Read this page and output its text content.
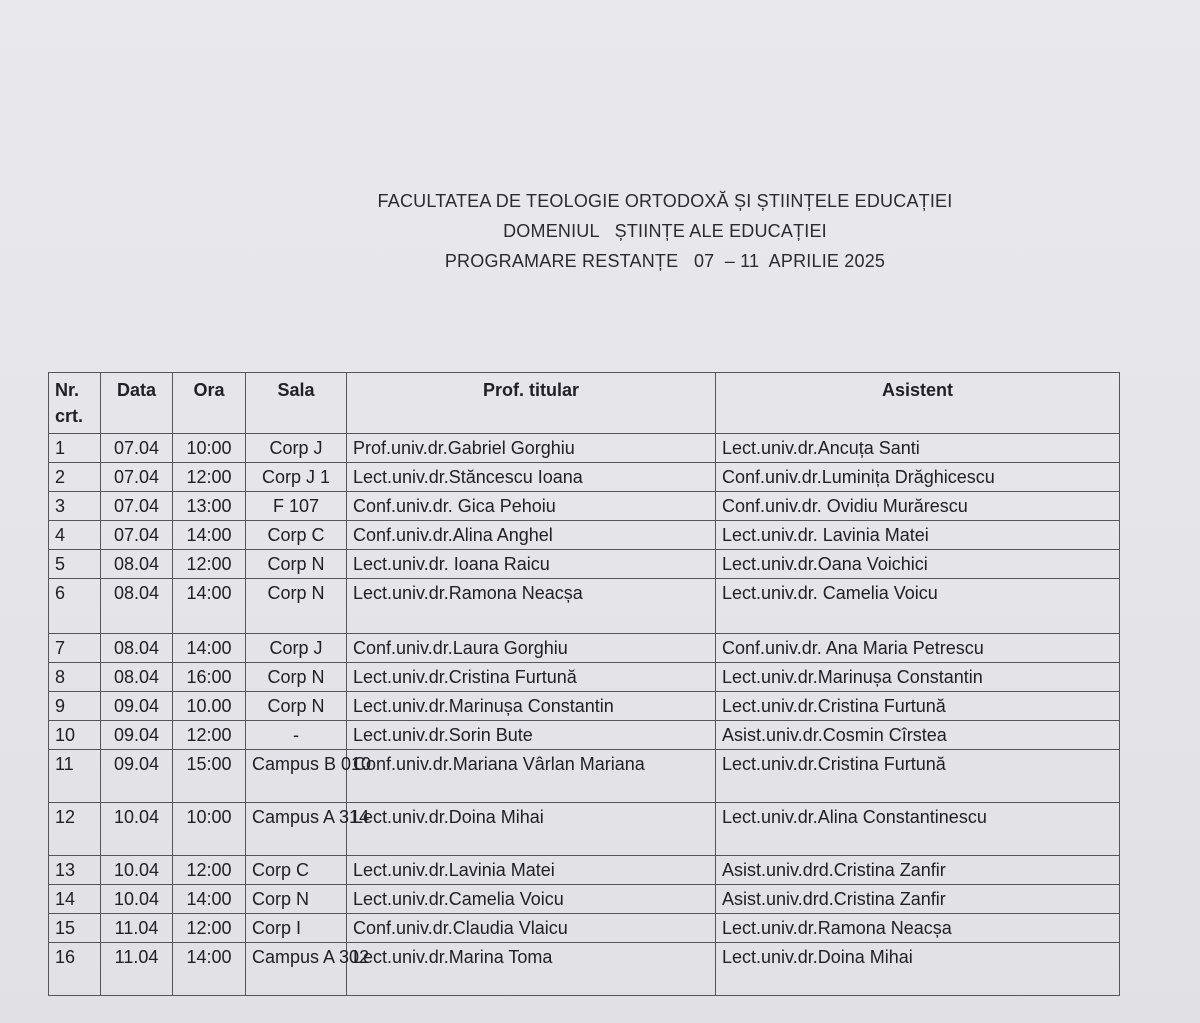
FACULTATEA DE TEOLOGIE ORTODOXĂ ȘI ȘTIINȚELE EDUCAȚIEI
DOMENIUL   ȘTIINȚE ALE EDUCAȚIEI
PROGRAMARE RESTANȚE   07  – 11  APRILIE 2025
Nr. crt.	Data	Ora	Sala	Prof. titular	Asistent
1	07.04	10:00	Corp J	Prof.univ.dr.Gabriel Gorghiu	Lect.univ.dr.Ancuța Santi
2	07.04	12:00	Corp J 1	Lect.univ.dr.Stăncescu Ioana	Conf.univ.dr.Luminița Drăghicescu
3	07.04	13:00	F 107	Conf.univ.dr. Gica Pehoiu	Conf.univ.dr. Ovidiu Murărescu
4	07.04	14:00	Corp C	Conf.univ.dr.Alina Anghel	Lect.univ.dr. Lavinia Matei
5	08.04	12:00	Corp N	Lect.univ.dr. Ioana Raicu	Lect.univ.dr.Oana Voichici
6	08.04	14:00	Corp N	Lect.univ.dr.Ramona Neacșa	Lect.univ.dr. Camelia Voicu
7	08.04	14:00	Corp J	Conf.univ.dr.Laura Gorghiu	Conf.univ.dr. Ana Maria Petrescu
8	08.04	16:00	Corp N	Lect.univ.dr.Cristina Furtună	Lect.univ.dr.Marinușa Constantin
9	09.04	10.00	Corp N	Lect.univ.dr.Marinușa Constantin	Lect.univ.dr.Cristina Furtună
10	09.04	12:00	-	Lect.univ.dr.Sorin Bute	Asist.univ.dr.Cosmin Cîrstea
11	09.04	15:00	Campus B 010	Conf.univ.dr.Mariana Vârlan Mariana	Lect.univ.dr.Cristina Furtună
12	10.04	10:00	Campus A 314	Lect.univ.dr.Doina Mihai	Lect.univ.dr.Alina Constantinescu
13	10.04	12:00	Corp C	Lect.univ.dr.Lavinia Matei	Asist.univ.drd.Cristina Zanfir
14	10.04	14:00	Corp N	Lect.univ.dr.Camelia Voicu	Asist.univ.drd.Cristina Zanfir
15	11.04	12:00	Corp I	Conf.univ.dr.Claudia Vlaicu	Lect.univ.dr.Ramona Neacșa
16	11.04	14:00	Campus A 302	Lect.univ.dr.Marina Toma	Lect.univ.dr.Doina Mihai
